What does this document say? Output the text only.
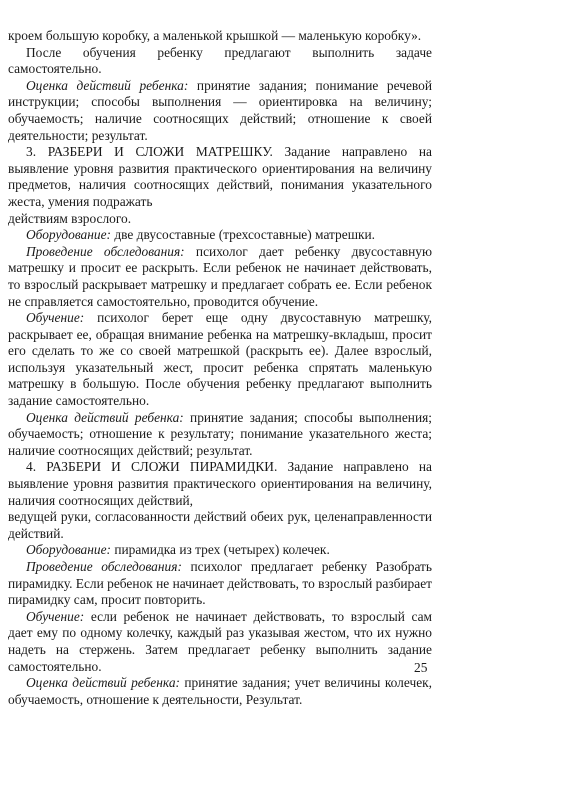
кроем большую коробку, а маленькой крышкой — маленькую коробку».

После обучения ребенку предлагают выполнить задачe самостоятельно.

Оценка действий ребенка: принятие задания; понимание речевой инструкции; способы выполнения — ориентировка на величину; обучаемость; наличие соотносящих действий; отношение к своей деятельности; результат.

3. РАЗБЕРИ И СЛОЖИ МАТРЕШКУ. Задание направлено на выявление уровня развития практического ориентирования на величину предметов, наличия соотносящих действий, понимания указательного жеста, умения подражать

действиям взрослого.

Оборудование: две двусоставные (трехсоставные) матрешки.

Проведение обследования: психолог дает ребенку двусоставную матрешку и просит ее раскрыть. Если ребенок не начинает действовать, то взрослый раскрывает матрешку и предлагает собрать ее. Если ребенок не справляется самостоятельно, проводится обучение.

Обучение: психолог берет еще одну двусоставную матрешку, раскрывает ее, обращая внимание ребенка на матрешку-вкладыш, просит его сделать то же со своей матрешкой (раскрыть ее). Далее взрослый, используя указательный жест, просит ребенка спрятать маленькую матрешку в большую. После обучения ребенку предлагают выполнить задание самостоятельно.

Оценка действий ребенка: принятие задания; способы выполнения; обучаемость; отношение к результату; понимание указательного жеста; наличие соотносящих действий; результат.

4. РАЗБЕРИ И СЛОЖИ ПИРАМИДКИ. Задание направлено на выявление уровня развития практического ориентирования на величину, наличия соотносящих действий,

ведущей руки, согласованности действий обеих рук, целенаправленности действий.

Оборудование: пирамидка из трех (четырех) колечек.

Проведение обследования: психолог предлагает ребенку Разобрать пирамидку. Если ребенок не начинает действовать, то взрослый разбирает пирамидку сам, просит повторить.

Обучение: если ребенок не начинает действовать, то взрослый сам дает ему по одному колечку, каждый раз указывая жестом, что их нужно надеть на стержень. Затем предлагает ребенку выполнить задание самостоятельно.

Оценка действий ребенка: принятие задания; учет величины колечек, обучаемость, отношение к деятельности, Результат.

25
